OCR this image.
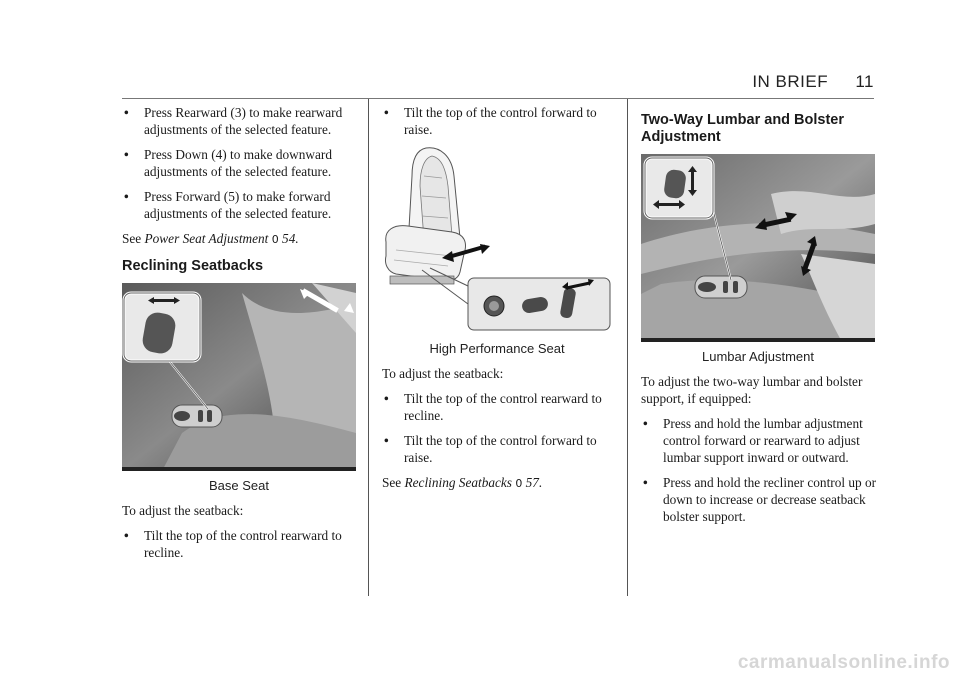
IN BRIEF 11
• Press Rearward (3) to make rearward adjustments of the selected feature.
• Press Down (4) to make downward adjustments of the selected feature.
• Press Forward (5) to make forward adjustments of the selected feature.

See Power Seat Adjustment 0 54.

Reclining Seatbacks
Base Seat

To adjust the seatback:

• Tilt the top of the control rearward to recline.
• Tilt the top of the control forward to raise.
High Performance Seat

To adjust the seatback:

• Tilt the top of the control rearward to recline.
• Tilt the top of the control forward to raise.

See Reclining Seatbacks 0 57.

Two-Way Lumbar and Bolster Adjustment
Lumbar Adjustment

To adjust the two-way lumbar and bolster support, if equipped:

• Press and hold the lumbar adjustment control forward or rearward to adjust lumbar support inward or outward.
• Press and hold the recliner control up or down to increase or decrease seatback bolster support.
carmanualsonline.info
